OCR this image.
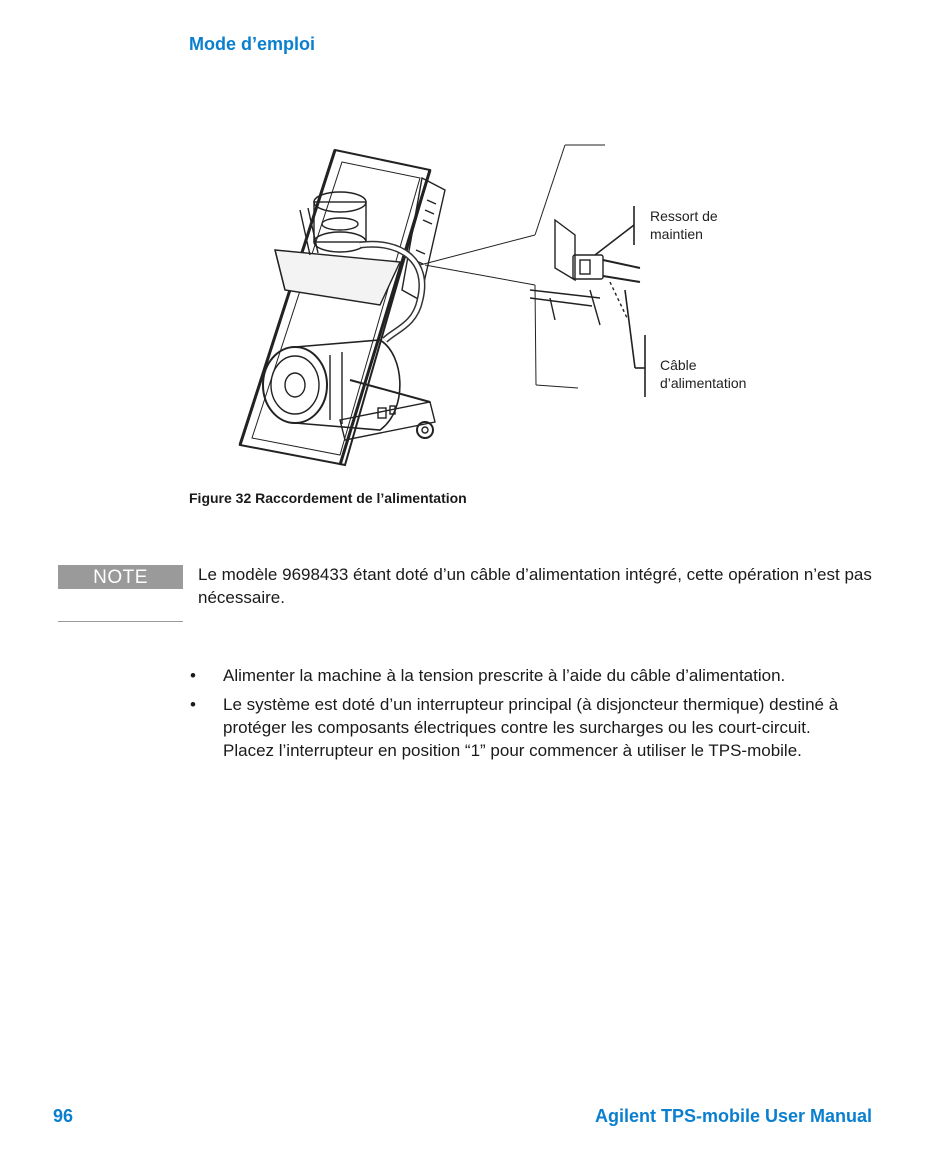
Mode d’emploi
Ressort de
maintien
Câble
d’alimentation
Figure 32 Raccordement de l’alimentation
NOTE	Le modèle 9698433 étant doté d’un câble d’alimentation intégré, cette opération n’est pas nécessaire.
• Alimenter la machine à la tension prescrite à l’aide du câble d’alimentation.
• Le système est doté d’un interrupteur principal (à disjoncteur thermique) destiné à protéger les composants électriques contre les surcharges ou les court-circuit. Placez l’interrupteur en position “1” pour commencer à utiliser le TPS-mobile.
96	Agilent TPS-mobile User Manual
